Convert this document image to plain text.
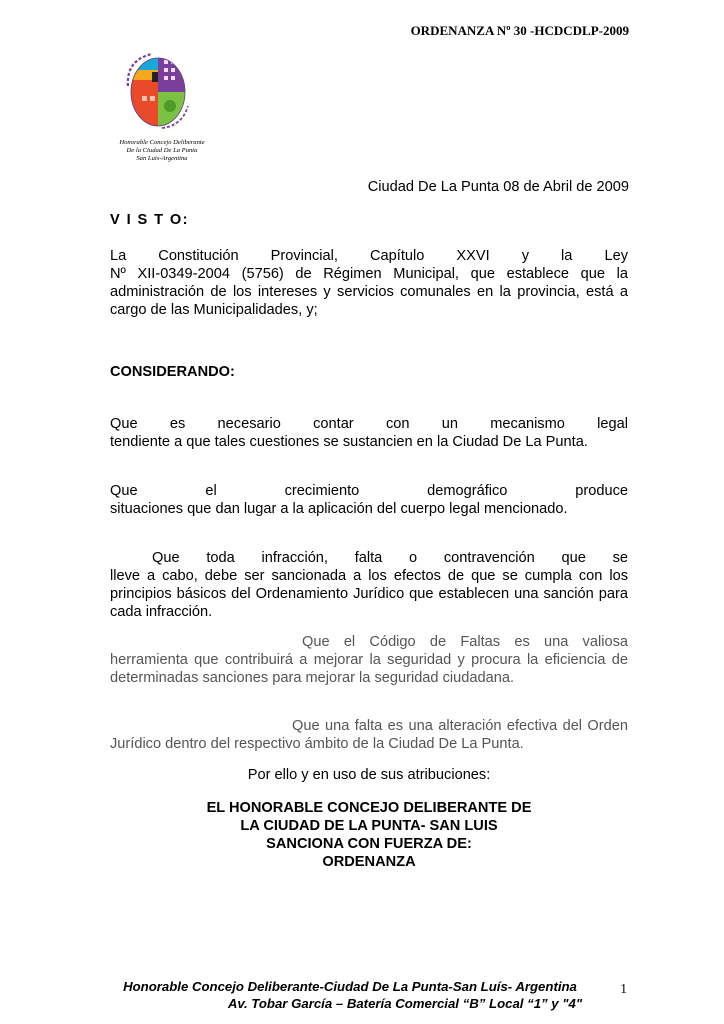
ORDENANZA Nº 30 -HCDCDLP-2009
Honorable Concejo Deliberante
De la Ciudad De La Punta
San Luis-Argentina
Ciudad De La Punta 08 de Abril de 2009
V I S T O:
La Constitución Provincial, Capítulo XXVI y la Ley
Nº XII-0349-2004 (5756) de Régimen Municipal, que establece que la administración de los intereses y servicios comunales en la provincia, está a cargo de las Municipalidades, y;
CONSIDERANDO:
Que es necesario contar con un mecanismo legal
tendiente a que tales cuestiones se sustancien en la Ciudad De La Punta.
Que el crecimiento demográfico produce
situaciones que dan lugar a la aplicación del cuerpo legal mencionado.
Que toda infracción, falta o contravención que se
lleve a cabo, debe ser sancionada a los efectos de que se cumpla con los principios básicos del Ordenamiento Jurídico que establecen una sanción para cada infracción.
Que el Código de Faltas es una valiosa
herramienta que contribuirá a mejorar la seguridad y procura la eficiencia de determinadas sanciones para mejorar la seguridad ciudadana.
Que una falta es una alteración efectiva del Orden
Jurídico dentro del respectivo ámbito de la Ciudad De La Punta.
Por ello y en uso de sus atribuciones:
EL HONORABLE CONCEJO DELIBERANTE DE
LA CIUDAD DE LA PUNTA- SAN LUIS
SANCIONA CON FUERZA DE:
ORDENANZA
Honorable Concejo Deliberante-Ciudad De La Punta-San Luís- Argentina
Av. Tobar García – Batería Comercial “B” Local “1” y "4"
1
